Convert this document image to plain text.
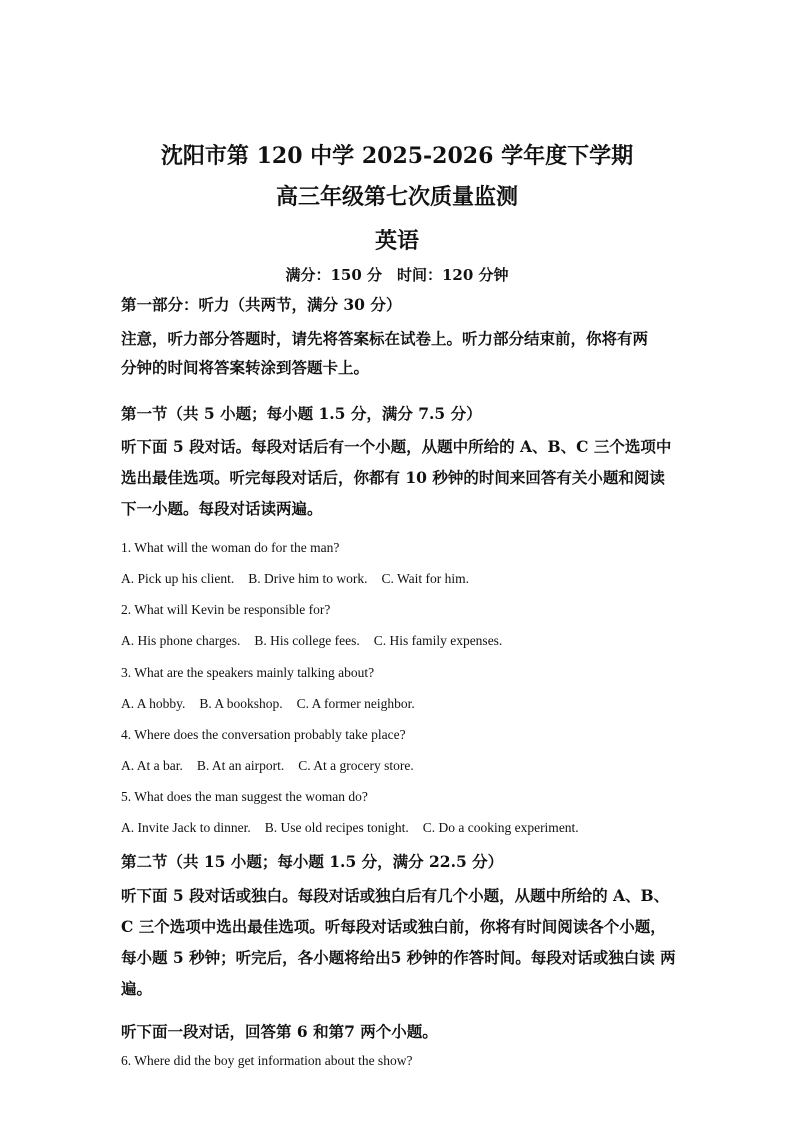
沈阳市第 120 中学 2025-2026 学年度下学期
高三年级第七次质量监测
英语
满分：150 分　时间：120 分钟
第一部分：听力（共两节，满分 30 分）
注意，听力部分答题时，请先将答案标在试卷上。听力部分结束前，你将有两
分钟的时间将答案转涂到答题卡上。
第一节（共 5 小题；每小题 1.5 分，满分 7.5 分）
听下面 5 段对话。每段对话后有一个小题，从题中所给的 A、B、C 三个选项中
选出最佳选项。听完每段对话后，你都有 10 秒钟的时间来回答有关小题和阅读
下一小题。每段对话读两遍。
1. What will the woman do for the man?
A. Pick up his client. B. Drive him to work. C. Wait for him.
2. What will Kevin be responsible for?
A. His phone charges. B. His college fees. C. His family expenses.
3. What are the speakers mainly talking about?
A. A hobby. B. A bookshop. C. A former neighbor.
4. Where does the conversation probably take place?
A. At a bar. B. At an airport. C. At a grocery store.
5. What does the man suggest the woman do?
A. Invite Jack to dinner. B. Use old recipes tonight. C. Do a cooking experiment.
第二节（共 15 小题；每小题 1.5 分，满分 22.5 分）
听下面 5 段对话或独白。每段对话或独白后有几个小题，从题中所给的 A、B、
C 三个选项中选出最佳选项。听每段对话或独白前，你将有时间阅读各个小题，
每小题 5 秒钟；听完后，各小题将给出5 秒钟的作答时间。每段对话或独白读 两
遍。
听下面一段对话，回答第 6 和第7 两个小题。
6. Where did the boy get information about the show?
